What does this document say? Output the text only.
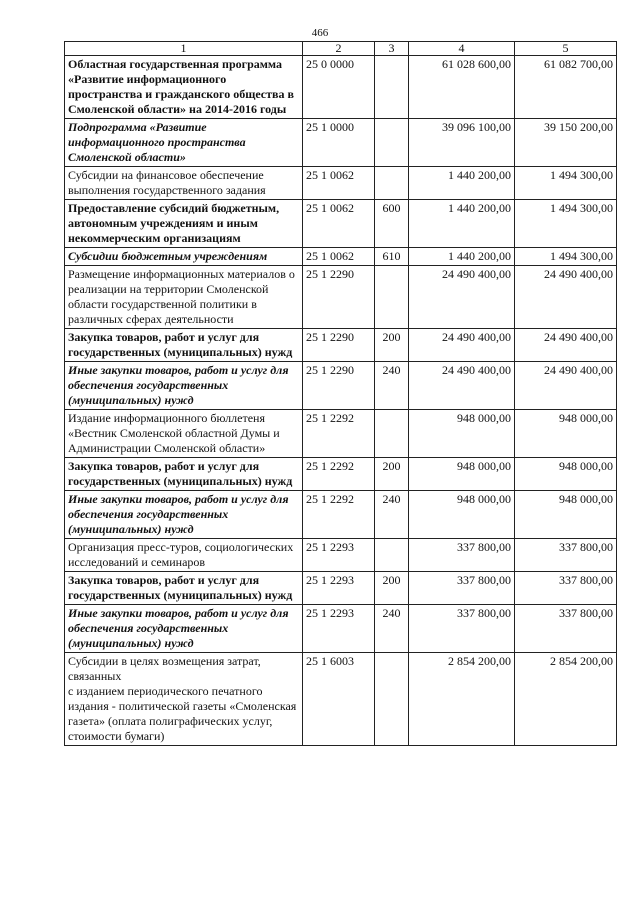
466
1	2	3	4	5
Областная государственная программа «Развитие информационного пространства и гражданского общества в Смоленской области» на 2014-2016 годы	25 0 0000		61 028 600,00	61 082 700,00
Подпрограмма «Развитие информационного пространства Смоленской области»	25 1 0000		39 096 100,00	39 150 200,00
Субсидии на финансовое обеспечение выполнения государственного задания	25 1 0062		1 440 200,00	1 494 300,00
Предоставление субсидий бюджетным, автономным учреждениям и иным некоммерческим организациям	25 1 0062	600	1 440 200,00	1 494 300,00
Субсидии бюджетным учреждениям	25 1 0062	610	1 440 200,00	1 494 300,00
Размещение информационных материалов о реализации на территории Смоленской области государственной политики в различных сферах деятельности	25 1 2290		24 490 400,00	24 490 400,00
Закупка товаров, работ и услуг для государственных (муниципальных) нужд	25 1 2290	200	24 490 400,00	24 490 400,00
Иные закупки товаров, работ и услуг для обеспечения государственных (муниципальных) нужд	25 1 2290	240	24 490 400,00	24 490 400,00
Издание информационного бюллетеня «Вестник Смоленской областной Думы и Администрации Смоленской области»	25 1 2292		948 000,00	948 000,00
Закупка товаров, работ и услуг для государственных (муниципальных) нужд	25 1 2292	200	948 000,00	948 000,00
Иные закупки товаров, работ и услуг для обеспечения государственных (муниципальных) нужд	25 1 2292	240	948 000,00	948 000,00
Организация пресс-туров, социологических исследований и семинаров	25 1 2293		337 800,00	337 800,00
Закупка товаров, работ и услуг для государственных (муниципальных) нужд	25 1 2293	200	337 800,00	337 800,00
Иные закупки товаров, работ и услуг для обеспечения государственных (муниципальных) нужд	25 1 2293	240	337 800,00	337 800,00

Субсидии в целях возмещения затрат, связанных
с изданием периодического печатного издания - политической газеты «Смоленская газета» (оплата полиграфических услуг, стоимости бумаги)	25 1 6003		2 854 200,00	2 854 200,00
